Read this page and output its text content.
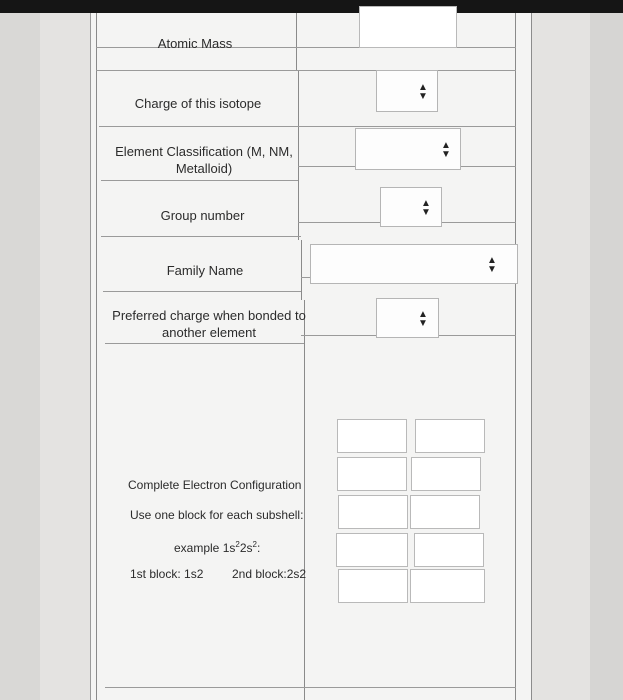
Atomic Mass
Charge of this isotope
Element Classification (M, NM,
Metalloid)
Group number
Family Name
Preferred charge when bonded to
another element
▲
▼
▲
▼
▲
▼
▲
▼
▲
▼
Complete Electron Configuration
Use one block for each subshell:
example $1s^22s^2$:
1st block: 1s2	2nd block:2s2
